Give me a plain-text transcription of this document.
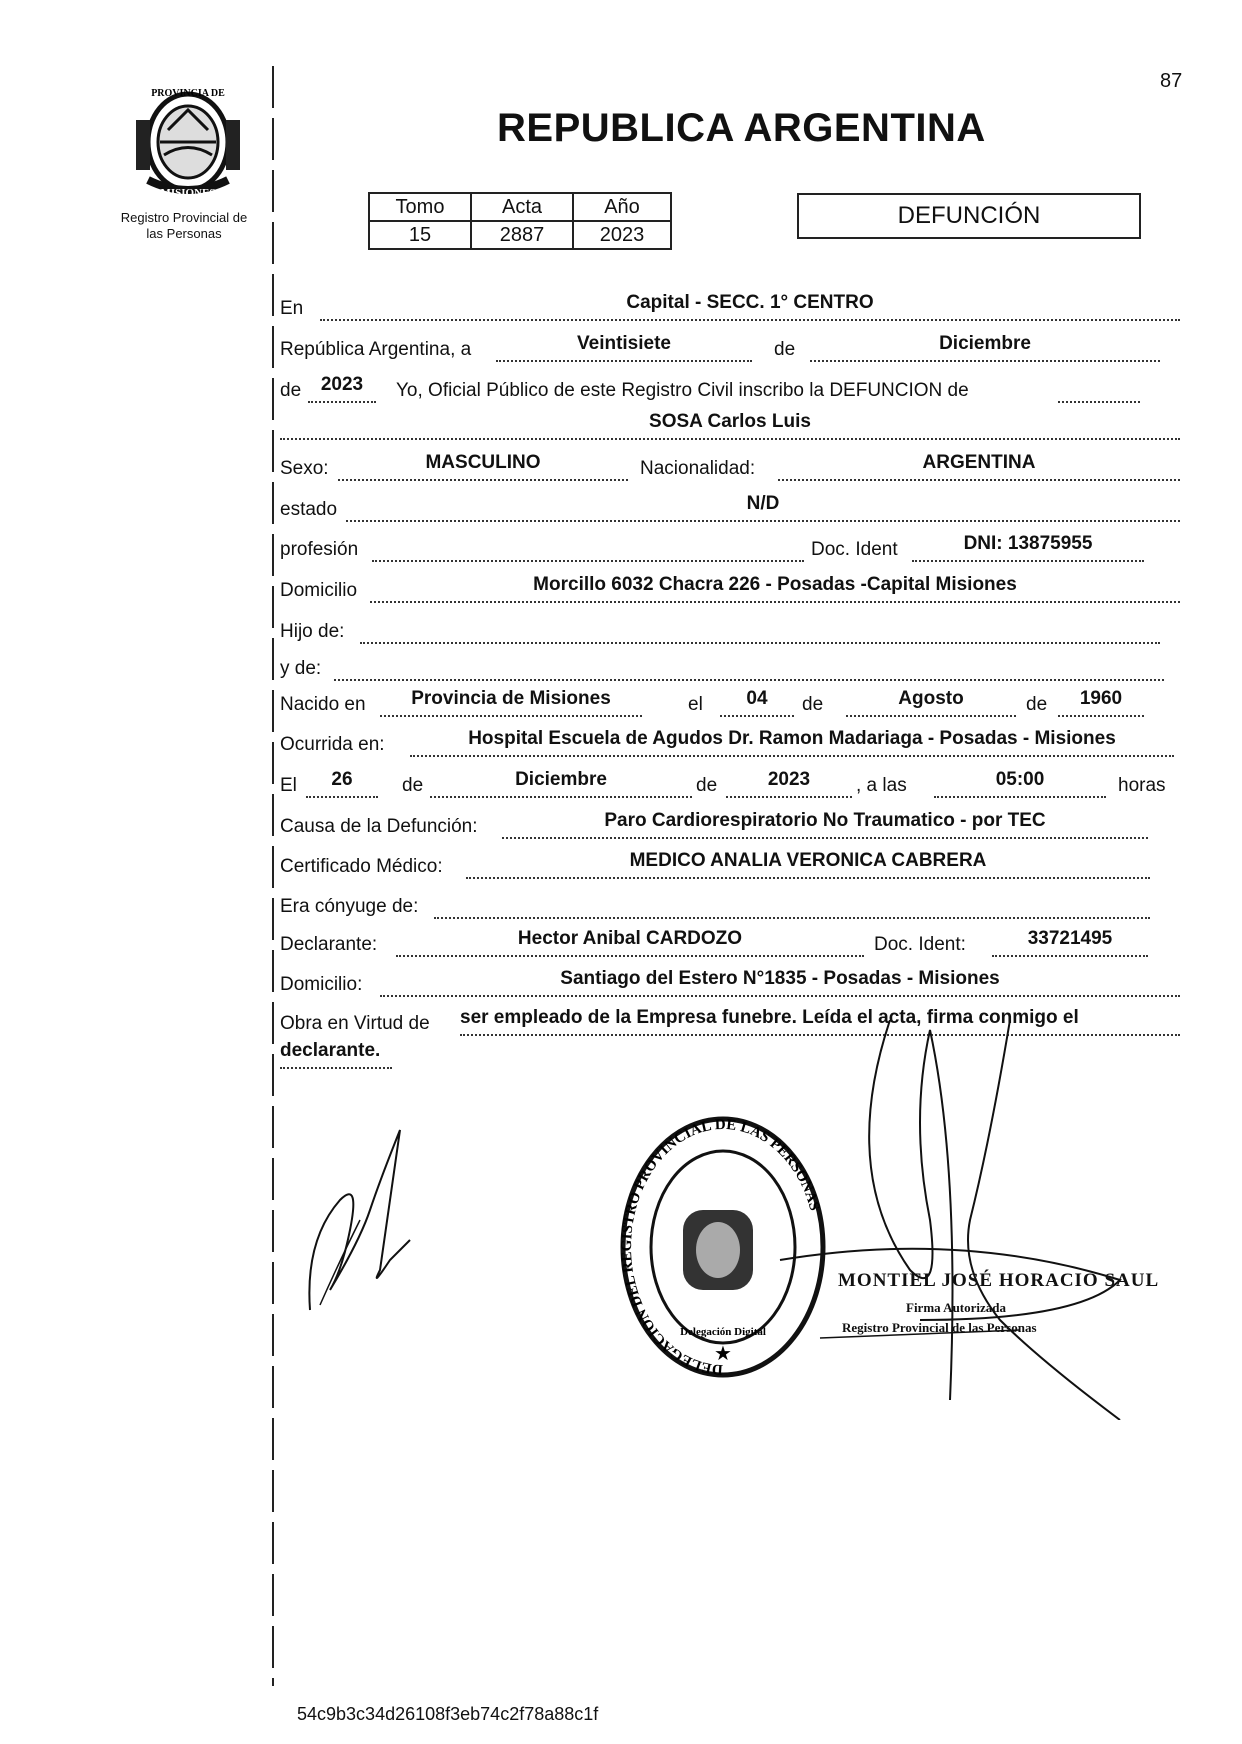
PROVINCIA DE
MISIONES
Registro Provincial de
las Personas
REPUBLICA ARGENTINA
87
Tomo	Acta	Año
15	2887	2023
DEFUNCIÓN
En	Capital - SECC. 1° CENTRO
República Argentina, a	Veintisiete	de	Diciembre
de	2023	Yo, Oficial Público de este Registro Civil inscribo la DEFUNCION de
SOSA Carlos Luis
Sexo:	MASCULINO	Nacionalidad:	ARGENTINA
estado	N/D
profesión	Doc. Ident	DNI: 13875955
Domicilio	Morcillo 6032 Chacra 226 - Posadas -Capital Misiones
Hijo de:
y de:
Nacido en	Provincia de Misiones	el	04	de	Agosto	de	1960
Ocurrida en:	Hospital Escuela de Agudos Dr. Ramon Madariaga - Posadas - Misiones
El	26	de	Diciembre	de	2023	, a las	05:00	horas
Causa de la Defunción:	Paro Cardiorespiratorio No Traumatico - por TEC
Certificado Médico:	MEDICO ANALIA VERONICA CABRERA
Era cónyuge de:
Declarante:	Hector Anibal CARDOZO	Doc. Ident:	33721495
Domicilio:	Santiago del Estero N°1835 - Posadas - Misiones
Obra en Virtud de ser empleado de la Empresa funebre. Leída el acta, firma conmigo el
declarante.
DELEGACION DEL REGISTRO PROVINCIAL DE LAS PERSONAS
Delegación Digital
★
MONTIEL JOSÉ HORACIO SAUL
Firma Autorizada
Registro Provincial de las Personas
54c9b3c34d26108f3eb74c2f78a88c1f
